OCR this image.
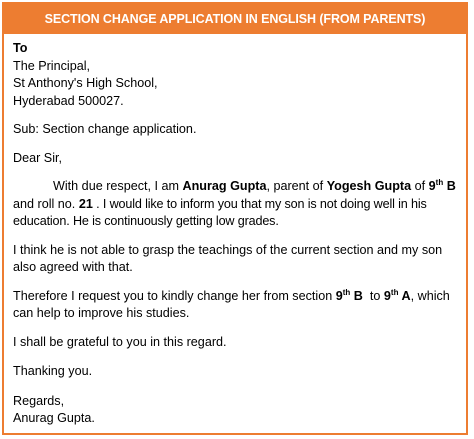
SECTION CHANGE APPLICATION IN ENGLISH (FROM PARENTS)

To

The Principal,

St Anthony's High School,

Hyderabad 500027.

Sub: Section change application.

Dear Sir,

With due respect, I am Anurag Gupta, parent of Yogesh Gupta of 9th B and roll no. 21 . I would like to inform you that my son is not doing well in his education. He is continuously getting low grades.

I think he is not able to grasp the teachings of the current section and my son also agreed with that.

Therefore I request you to kindly change her from section 9th B  to 9th A, which can help to improve his studies.

I shall be grateful to you in this regard.

Thanking you.

Regards,

Anurag Gupta.
